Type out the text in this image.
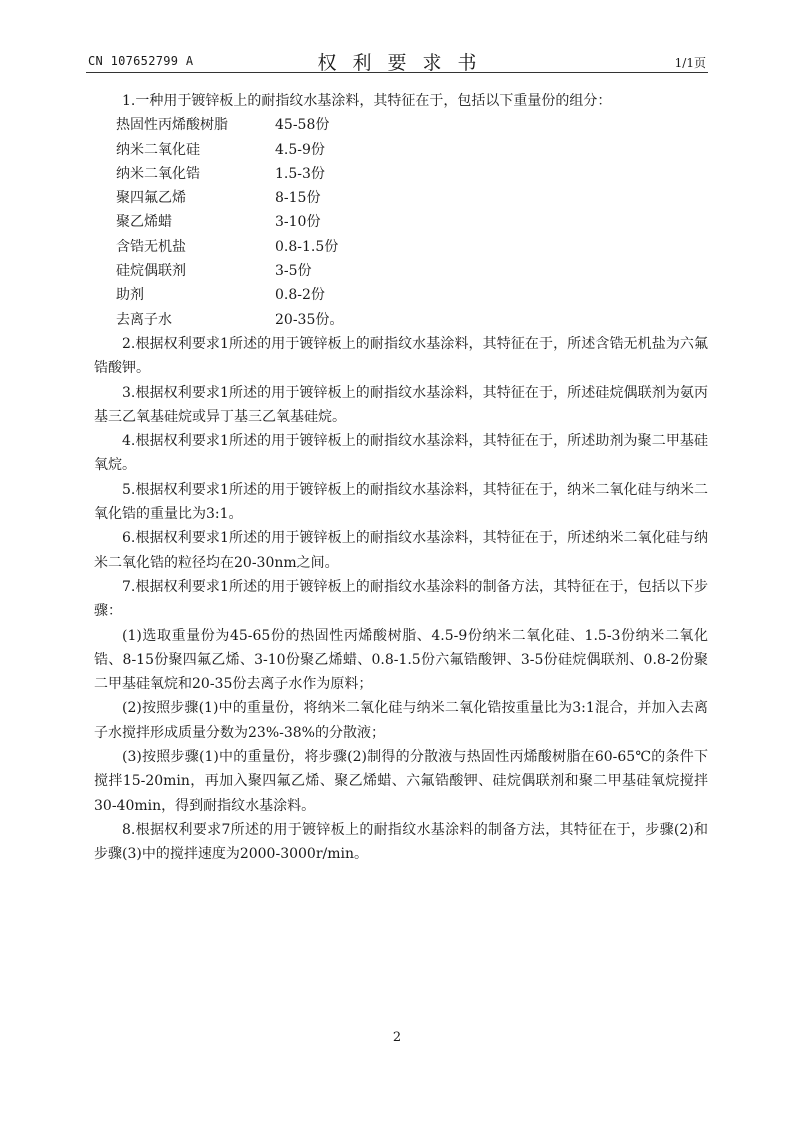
CN 107652799 A	权利要求书	1/1页
1.一种用于镀锌板上的耐指纹水基涂料，其特征在于，包括以下重量份的组分：
热固性丙烯酸树脂	45-58份
纳米二氧化硅	4.5-9份
纳米二氧化锆	1.5-3份
聚四氟乙烯	8-15份
聚乙烯蜡	3-10份
含锆无机盐	0.8-1.5份
硅烷偶联剂	3-5份
助剂	0.8-2份
去离子水	20-35份。
2.根据权利要求1所述的用于镀锌板上的耐指纹水基涂料，其特征在于，所述含锆无机盐为六氟锆酸钾。
3.根据权利要求1所述的用于镀锌板上的耐指纹水基涂料，其特征在于，所述硅烷偶联剂为氨丙基三乙氧基硅烷或异丁基三乙氧基硅烷。
4.根据权利要求1所述的用于镀锌板上的耐指纹水基涂料，其特征在于，所述助剂为聚二甲基硅氧烷。
5.根据权利要求1所述的用于镀锌板上的耐指纹水基涂料，其特征在于，纳米二氧化硅与纳米二氧化锆的重量比为3:1。
6.根据权利要求1所述的用于镀锌板上的耐指纹水基涂料，其特征在于，所述纳米二氧化硅与纳米二氧化锆的粒径均在20-30nm之间。
7.根据权利要求1所述的用于镀锌板上的耐指纹水基涂料的制备方法，其特征在于，包括以下步骤：
(1)选取重量份为45-65份的热固性丙烯酸树脂、4.5-9份纳米二氧化硅、1.5-3份纳米二氧化锆、8-15份聚四氟乙烯、3-10份聚乙烯蜡、0.8-1.5份六氟锆酸钾、3-5份硅烷偶联剂、0.8-2份聚二甲基硅氧烷和20-35份去离子水作为原料；
(2)按照步骤(1)中的重量份，将纳米二氧化硅与纳米二氧化锆按重量比为3:1混合，并加入去离子水搅拌形成质量分数为23%-38%的分散液；
(3)按照步骤(1)中的重量份，将步骤(2)制得的分散液与热固性丙烯酸树脂在60-65℃的条件下搅拌15-20min，再加入聚四氟乙烯、聚乙烯蜡、六氟锆酸钾、硅烷偶联剂和聚二甲基硅氧烷搅拌30-40min，得到耐指纹水基涂料。
8.根据权利要求7所述的用于镀锌板上的耐指纹水基涂料的制备方法，其特征在于，步骤(2)和步骤(3)中的搅拌速度为2000-3000r/min。
2
